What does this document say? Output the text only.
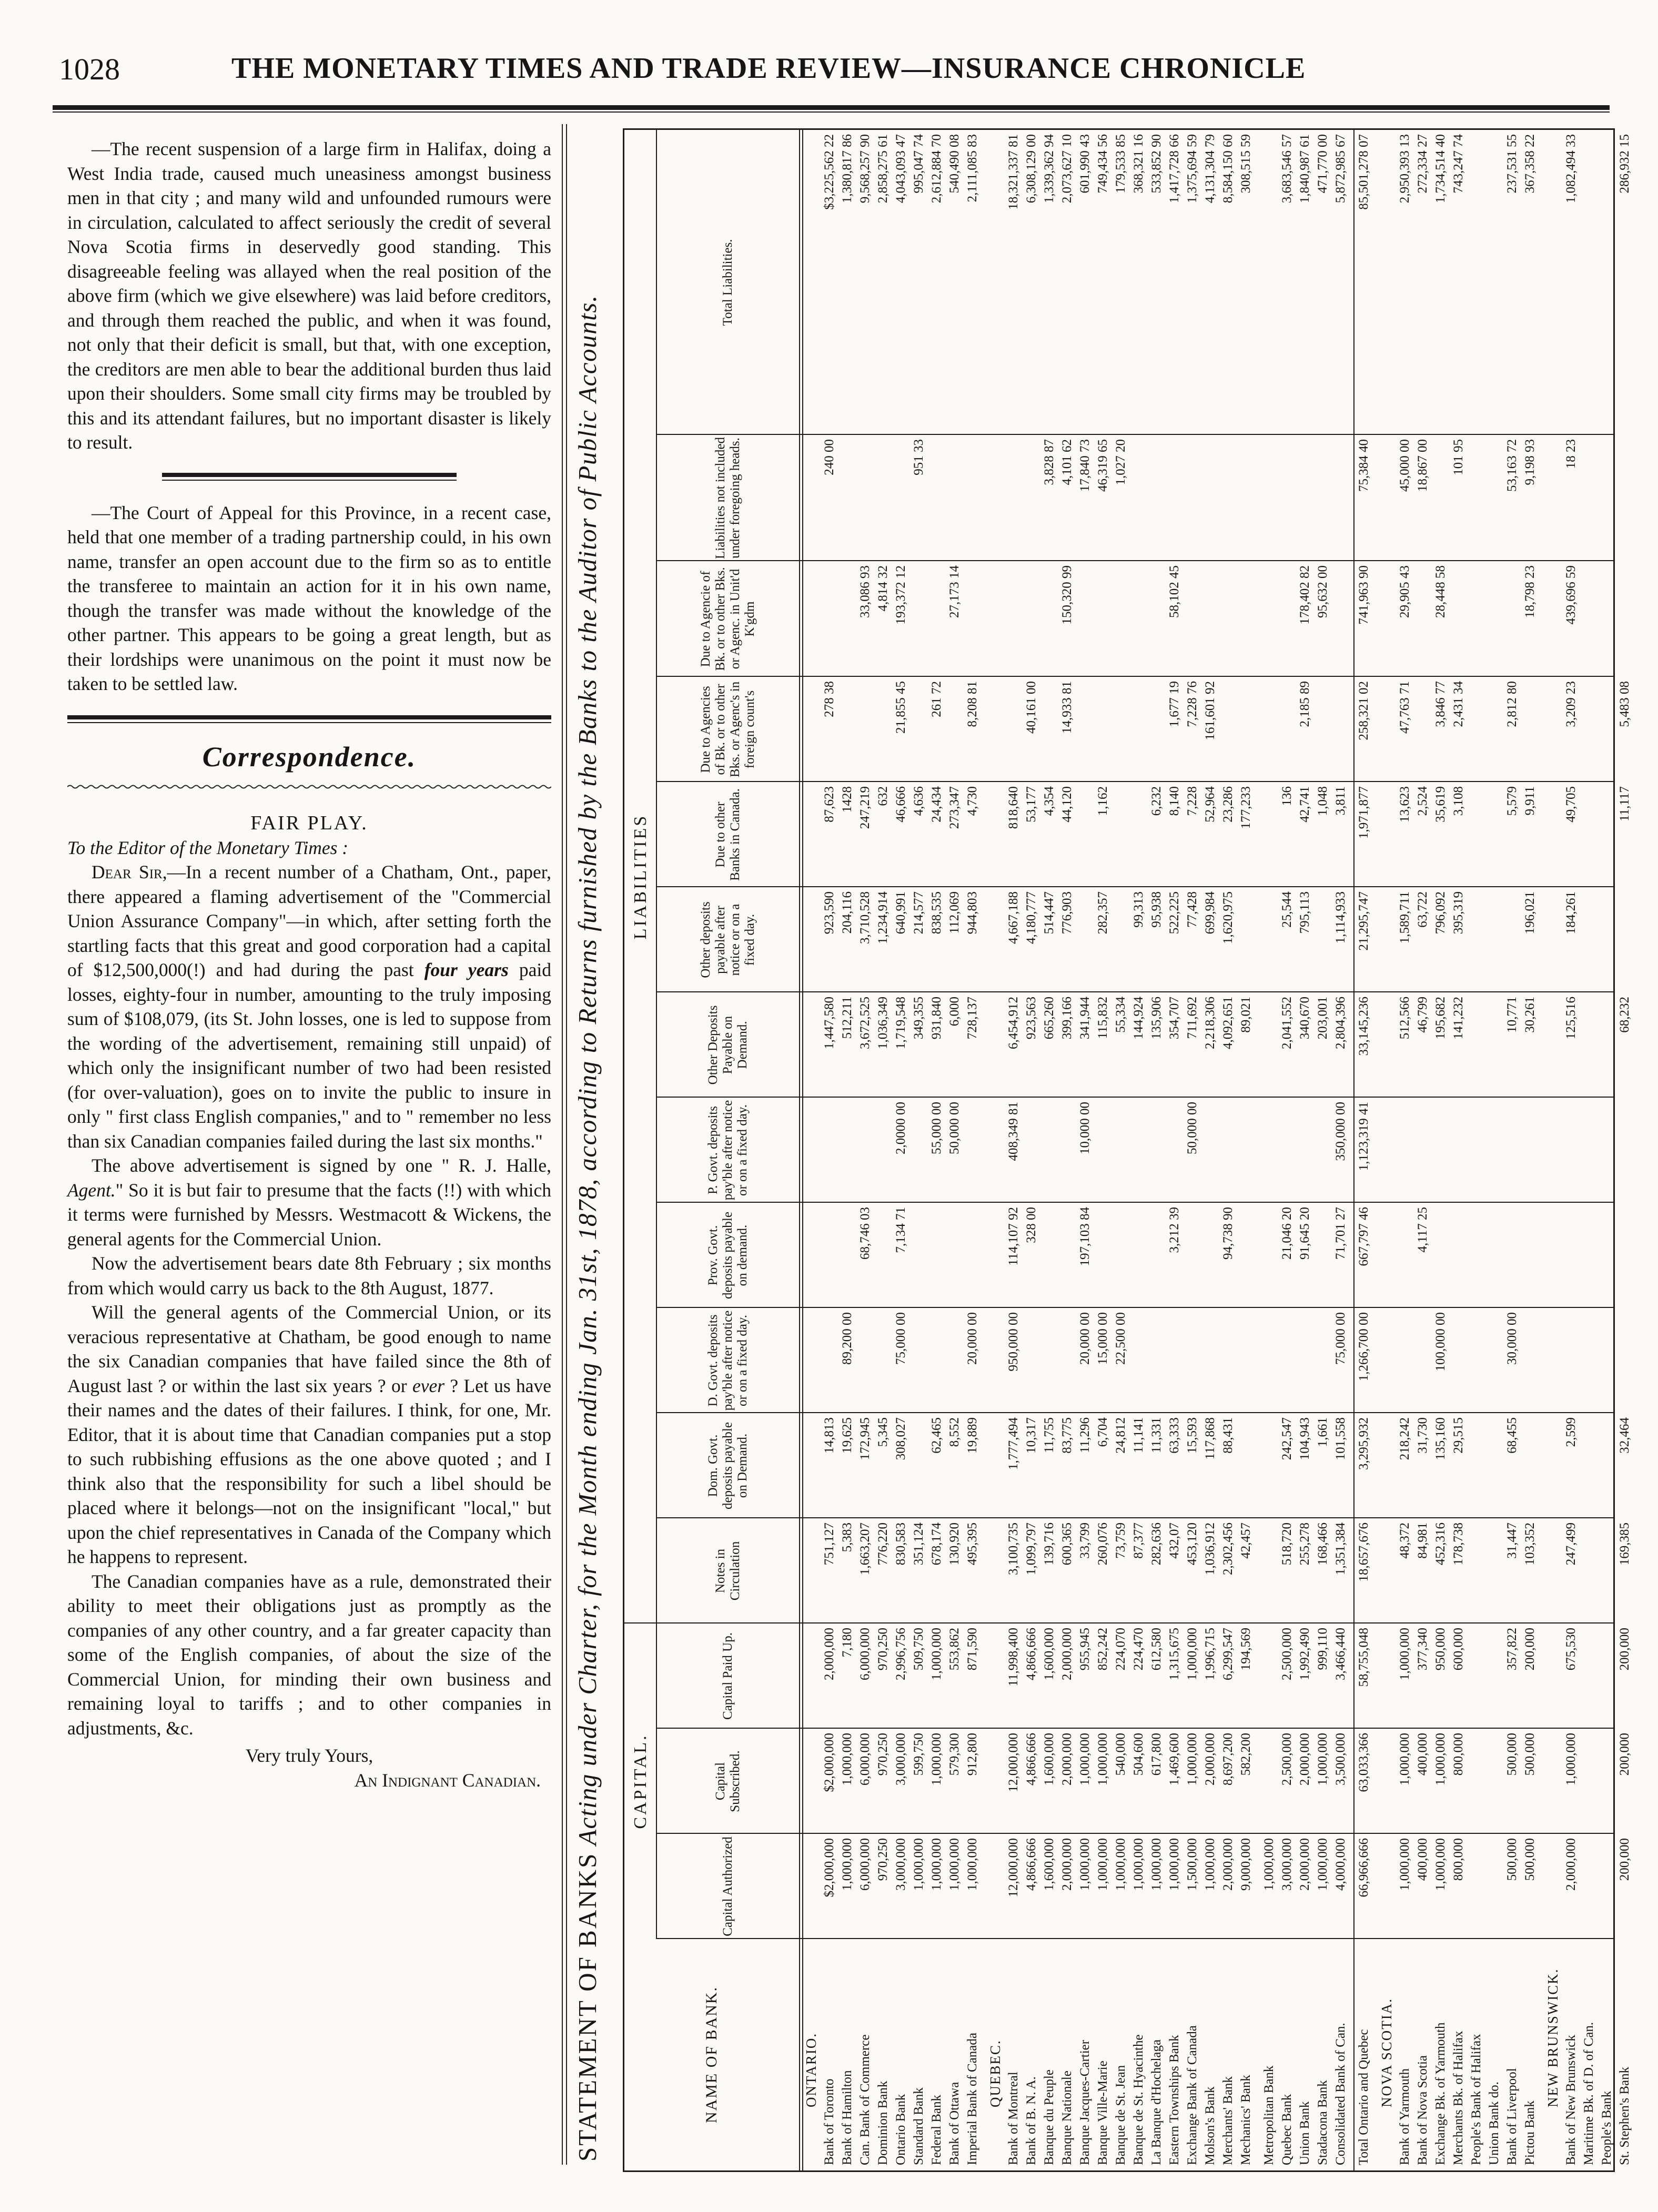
1028	THE MONETARY TIMES AND TRADE REVIEW—INSURANCE CHRONICLE

—The recent suspension of a large firm in Halifax, doing a West India trade, caused much uneasiness amongst business men in that city ; and many wild and unfounded rumours were in circulation, calculated to affect seriously the credit of several Nova Scotia firms in deservedly good standing. This disagreeable feeling was allayed when the real position of the above firm (which we give elsewhere) was laid before creditors, and through them reached the public, and when it was found, not only that their deficit is small, but that, with one exception, the creditors are men able to bear the additional burden thus laid upon their shoulders. Some small city firms may be troubled by this and its attendant failures, but no important disaster is likely to result.

—The Court of Appeal for this Province, in a recent case, held that one member of a trading partnership could, in his own name, transfer an open account due to the firm so as to entitle the transferee to maintain an action for it in his own name, though the transfer was made without the knowledge of the other partner. This appears to be going a great length, but as their lordships were unanimous on the point it must now be taken to be settled law.

Correspondence.

FAIR PLAY.

To the Editor of the Monetary Times :

Dear Sir,—In a recent number of a Chatham, Ont., paper, there appeared a flaming advertisement of the "Commercial Union Assurance Company"—in which, after setting forth the startling facts that this great and good corporation had a capital of $12,500,000(!) and had during the past four years paid losses, eighty-four in number, amounting to the truly imposing sum of $108,079, (its St. John losses, one is led to suppose from the wording of the advertisement, remaining still unpaid) of which only the insignificant number of two had been resisted (for over-valuation), goes on to invite the public to insure in only " first class English companies," and to " remember no less than six Canadian companies failed during the last six months."

The above advertisement is signed by one " R. J. Halle, Agent." So it is but fair to presume that the facts (!!) with which it terms were furnished by Messrs. Westmacott & Wickens, the general agents for the Commercial Union.

Now the advertisement bears date 8th February ; six months from which would carry us back to the 8th August, 1877.

Will the general agents of the Commercial Union, or its veracious representative at Chatham, be good enough to name the six Canadian companies that have failed since the 8th of August last ? or within the last six years ? or ever ? Let us have their names and the dates of their failures. I think, for one, Mr. Editor, that it is about time that Canadian companies put a stop to such rubbishing effusions as the one above quoted ; and I think also that the responsibility for such a libel should be placed where it belongs—not on the insignificant "local," but upon the chief representatives in Canada of the Company which he happens to represent.

The Canadian companies have as a rule, demonstrated their ability to meet their obligations just as promptly as the companies of any other country, and a far greater capacity than some of the English companies, of about the size of the Commercial Union, for minding their own business and remaining loyal to tariffs ; and to other companies in adjustments, &c.

Very truly Yours,

An Indignant Canadian.

STATEMENT OF BANKS Acting under Charter, for the Month ending Jan. 31st, 1878, according to Returns furnished by the Banks to the Auditor of Public Accounts. CAPITAL.
LIABILITIES
NAME OF BANK.
Capital Authorized
Capital Subscribed.
Capital Paid Up.
Notes in Circulation
Dom. Govt. deposits payable on Demand.
D. Govt. deposits pay'ble after notice or on a fixed day.
Prov. Govt. deposits payable on demand.
P. Govt. deposits pay'ble after notice or on a fixed day.
Other Deposits Payable on Demand.
Other deposits payable after notice or on a fixed day.
Due to other Banks in Canada.
Due to Agencies of Bk. or to other Bks. or Agenc's in foreign count's
Due to Agencie of Bk. or to other Bks. or Agenc. in Unit'd K'gdm
Liabilities not included under foregoing heads.
Total Liabilities.
ONTARIO.
Bank of Toronto
$2,000,000
$2,000,000
2,000,000
751,127
14,813
1,447,580
923,590
87,623
278 38
240 00
$3,225,562 22
Bank of Hamilton
1,000,000
1,000,000
7,180
5,383
19,625
89,200 00
512,211
204,116
1428
1,380,817 86
Can. Bank of Commerce
6,000,000
6,000,000
6,000,000
1,663,207
172,945
68,746 03
3,672,525
3,710,528
247,219
33,086 93
9,568,257 90
Dominion Bank
970,250
970,250
970,250
776,220
5,345
1,036,349
1,234,914
632
4,814 32
2,858,275 61
Ontario Bank
3,000,000
3,000,000
2,996,756
830,583
308,027
75,000 00
7,134 71
2,0000 00
1,719,548
640,991
46,666
21,855 45
193,372 12
4,043,093 47
Standard Bank
1,000,000
599,750
509,750
351,124
349,355
214,577
4,636
951 33
995,047 74
Federal Bank
1,000,000
1,000,000
1,000,000
678,174
62,465
55,000 00
931,840
838,535
24,434
261 72
2,612,884 70
Bank of Ottawa
1,000,000
579,300
553,862
130,920
8,552
50,000 00
6,000
112,069
273,347
27,173 14
540,490 08
Imperial Bank of Canada
1,000,000
912,800
871,590
495,395
19,889
20,000 00
728,137
944,803
4,730
8,208 81
2,111,085 83
QUEBEC. Bank of Montreal
12,000,000
12,000,000
11,998,400
3,100,735
1,777,494
950,000 00
114,107 92
408,349 81
6,454,912
4,667,188
818,640
18,321,337 81
Bank of B. N. A.
4,866,666
4,866,666
4,866,666
1,099,797
10,317
328 00
923,563
4,180,777
53,177
40,161 00
6,308,129 00
Banque du Peuple
1,600,000
1,600,000
1,600,000
139,716
11,755
665,260
514,447
4,354
3,828 87
1,339,362 94
Banque Nationale
2,000,000
2,000,000
2,000,000
600,365
83,775
399,166
776,903
44,120
14,933 81
150,320 99
4,101 62
2,073,627 10
Banque Jacques-Cartier
1,000,000
1,000,000
955,945
33,799
11,296
20,000 00
197,103 84
10,000 00
341,944
17,840 73
601,990 43
Banque Ville-Marie
1,000,000
1,000,000
852,242
260,076
6,704
15,000 00
115,832
282,357
1,162
46,319 65
749,434 56
Banque de St. Jean
1,000,000
540,000
224,070
73,759
24,812
22,500 00
55,334
1,027 20
179,533 85
Banque de St. Hyacinthe
1,000,000
504,600
224,470
87,377
11,141
144,924
99,313
368,321 16
La Banque d'Hochelaga
1,000,000
617,800
612,580
282,636
11,331
135,906
95,938
6,232
533,852 90
Eastern Townships Bank
1,000,000
1,469,600
1,315,675
432,07
63,333
3,212 39
354,707
522,225
8,140
1,677 19
58,102 45
1,417,728 66
Exchange Bank of Canada
1,500,000
1,000,000
1,000,000
453,120
15,593
50,000 00
711,692
77,428
7,228
7,228 76
1,375,694 59
Molson's Bank
1,000,000
2,000,000
1,996,715
1,036,912
117,868
2,218,306
699,984
52,964
161,601 92
4,131,304 79
Merchants' Bank
2,000,000
8,697,200
6,299,547
2,302,456
88,431
94,738 90
4,092,651
1,620,975
23,286
8,584,150 60
Mechanics' Bank
9,000,000
582,200
194,569
42,457
89,021
177,233
308,515 59
Metropolitan Bank
1,000,000
Quebec Bank
3,000,000
2,500,000
2,500,000
518,720
242,547
21,046 20
2,041,552
25,544
136
3,683,546 57
Union Bank
2,000,000
2,000,000
1,992,490
255,278
104,943
91,645 20
340,670
795,113
42,741
2,185 89
178,402 82
1,840,987 61
Stadacona Bank
1,000,000
1,000,000
999,110
168,466
1,661
203,001
1,048
95,632 00
471,770 00
Consolidated Bank of Can.
4,000,000
3,500,000
3,466,440
1,351,384
101,558
75,000 00
71,701 27
350,000 00
2,804,396
1,114,933
3,811
5,872,985 67
Total Ontario and Quebec
66,966,666
63,033,366
58,755,048
18,657,676
3,295,932
1,266,700 00
667,797 46
1,123,319 41
33,145,236
21,295,747
1,971,877
258,321 02
741,963 90
75,384 40
85,501,278 07
NOVA SCOTIA.
Bank of Yarmouth
1,000,000
1,000,000
1,000,000
48,372
218,242
512,566
1,589,711
13,623
47,763 71
29,905 43
45,000 00
2,950,393 13
Bank of Nova Scotia
400,000
400,000
377,340
84,981
31,730
4,117 25
46,799
63,722
2,524
18,867 00
272,334 27
Exchange Bk. of Yarmouth
1,000,000
1,000,000
950,000
452,316
135,160
100,000 00
195,682
796,092
35,619
3,846 77
28,448 58
1,734,514 40
Merchants Bk. of Halifax
800,000
800,000
600,000
178,738
29,515
141,232
395,319
3,108
2,431 34
101 95
743,247 74
People's Bank of Halifax Union Bank do. Bank of Liverpool
500,000
500,000
357,822
31,447
68,455
30,000 00
10,771
5,579
2,812 80
53,163 72
237,531 55
Pictou Bank
500,000
500,000
200,000
103,352
30,261
196,021
9,911
18,798 23
9,198 93
367,358 22
NEW BRUNSWICK. Bank of New Brunswick
2,000,000
1,000,000
675,530
247,499
2,599
125,516
184,261
49,705
3,209 23
439,696 59
18 23
1,082,494 33
Maritime Bk. of D. of Can. People's Bank St. Stephen's Bank
200,000
200,000
200,000
169,385
32,464
68,232
11,117
5,483 08
286,932 15
